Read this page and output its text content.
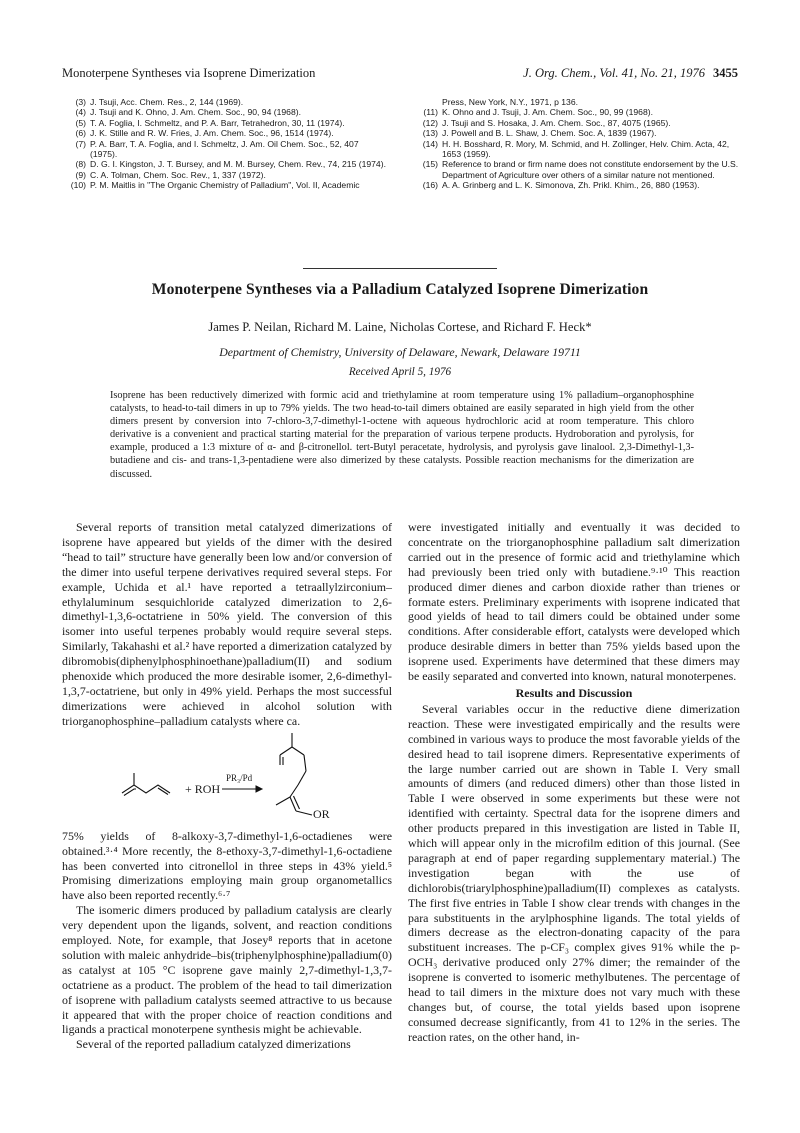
Monoterpene Syntheses via Isoprene Dimerization	J. Org. Chem., Vol. 41, No. 21, 1976 3455
(3) J. Tsuji, Acc. Chem. Res., 2, 144 (1969).
(4) J. Tsuji and K. Ohno, J. Am. Chem. Soc., 90, 94 (1968).
(5) T. A. Foglia, I. Schmeltz, and P. A. Barr, Tetrahedron, 30, 11 (1974).
(6) J. K. Stille and R. W. Fries, J. Am. Chem. Soc., 96, 1514 (1974).
(7) P. A. Barr, T. A. Foglia, and I. Schmeltz, J. Am. Oil Chem. Soc., 52, 407 (1975).
(8) D. G. I. Kingston, J. T. Bursey, and M. M. Bursey, Chem. Rev., 74, 215 (1974).
(9) C. A. Tolman, Chem. Soc. Rev., 1, 337 (1972).
(10) P. M. Maitlis in "The Organic Chemistry of Palladium", Vol. II, Academic
Press, New York, N.Y., 1971, p 136.
(11) K. Ohno and J. Tsuji, J. Am. Chem. Soc., 90, 99 (1968).
(12) J. Tsuji and S. Hosaka, J. Am. Chem. Soc., 87, 4075 (1965).
(13) J. Powell and B. L. Shaw, J. Chem. Soc. A, 1839 (1967).
(14) H. H. Bosshard, R. Mory, M. Schmid, and H. Zollinger, Helv. Chim. Acta, 42, 1653 (1959).
(15) Reference to brand or firm name does not constitute endorsement by the U.S. Department of Agriculture over others of a similar nature not mentioned.
(16) A. A. Grinberg and L. K. Simonova, Zh. Prikl. Khim., 26, 880 (1953).
Monoterpene Syntheses via a Palladium Catalyzed Isoprene Dimerization
James P. Neilan, Richard M. Laine, Nicholas Cortese, and Richard F. Heck*
Department of Chemistry, University of Delaware, Newark, Delaware 19711
Received April 5, 1976
Isoprene has been reductively dimerized with formic acid and triethylamine at room temperature using 1% palladium–organophosphine catalysts, to head-to-tail dimers in up to 79% yields. The two head-to-tail dimers obtained are easily separated in high yield from the other dimers present by conversion into 7-chloro-3,7-dimethyl-1-octene with aqueous hydrochloric acid at room temperature. This chloro derivative is a convenient and practical starting material for the preparation of various terpene products. Hydroboration and pyrolysis, for example, produced a 1:3 mixture of α- and β-citronellol. tert-Butyl peracetate, hydrolysis, and pyrolysis gave linalool. 2,3-Dimethyl-1,3-butadiene and cis- and trans-1,3-pentadiene were also dimerized by these catalysts. Possible reaction mechanisms for the dimerization are discussed.

Several reports of transition metal catalyzed dimerizations of isoprene have appeared but yields of the dimer with the desired “head to tail” structure have generally been low and/or conversion of the dimer into useful terpene derivatives required several steps. For example, Uchida et al.¹ have reported a tetraallylzirconium–ethylaluminum sesquichloride catalyzed dimerization to 2,6-dimethyl-1,3,6-octatriene in 50% yield. The conversion of this isomer into useful terpenes probably would require several steps. Similarly, Takahashi et al.² have reported a dimerization catalyzed by dibromobis(diphenylphosphinoethane)palladium(II) and sodium phenoxide which produced the more desirable isomer, 2,6-dimethyl-1,3,7-octatriene, but only in 49% yield. Perhaps the most successful dimerizations were achieved in alcohol solution with triorganophosphine–palladium catalysts where ca.

+ ROH
PR₃/Pd
OR

75% yields of 8-alkoxy-3,7-dimethyl-1,6-octadienes were obtained.³·⁴ More recently, the 8-ethoxy-3,7-dimethyl-1,6-octadiene has been converted into citronellol in three steps in 43% yield.⁵ Promising dimerizations employing main group organometallics have also been reported recently.⁶·⁷

The isomeric dimers produced by palladium catalysis are clearly very dependent upon the ligands, solvent, and reaction conditions employed. Note, for example, that Josey⁸ reports that in acetone solution with maleic anhydride–bis(triphenylphosphine)palladium(0) as catalyst at 105 °C isoprene gave mainly 2,7-dimethyl-1,3,7-octatriene as a product. The problem of the head to tail dimerization of isoprene with palladium catalysts seemed attractive to us because it appeared that with the proper choice of reaction conditions and ligands a practical monoterpene synthesis might be achievable.

Several of the reported palladium catalyzed dimerizations

were investigated initially and eventually it was decided to concentrate on the triorganophosphine palladium salt dimerization carried out in the presence of formic acid and triethylamine which had previously been tried only with butadiene.⁹·¹⁰ This reaction produced dimer dienes and carbon dioxide rather than trienes or formate esters. Preliminary experiments with isoprene indicated that good yields of head to tail dimers could be obtained under some conditions. After considerable effort, catalysts were developed which produce desirable dimers in better than 75% yields based upon the isoprene used. Experiments have determined that these dimers may be easily separated and converted into known, natural monoterpenes.

Results and Discussion

Several variables occur in the reductive diene dimerization reaction. These were investigated empirically and the results were combined in various ways to produce the most favorable yields of the desired head to tail isoprene dimers. Representative experiments of the large number carried out are shown in Table I. Very small amounts of dimers (and reduced dimers) other than those listed in Table I were observed in some experiments but these were not identified with certainty. Spectral data for the isoprene dimers and other products prepared in this investigation are listed in Table II, which will appear only in the microfilm edition of this journal. (See paragraph at end of paper regarding supplementary material.) The investigation began with the use of dichlorobis(triarylphosphine)palladium(II) complexes as catalysts. The first five entries in Table I show clear trends with changes in the para substituents in the arylphosphine ligands. The total yields of dimers decrease as the electron-donating capacity of the para substituent increases. The p-CF₃ complex gives 91% while the p-OCH₃ derivative produced only 27% dimer; the remainder of the isoprene is converted to isomeric methylbutenes. The percentage of head to tail dimers in the mixture does not vary much with these changes but, of course, the total yields based upon isoprene consumed decrease significantly, from 41 to 12% in the series. The reaction rates, on the other hand, in-
